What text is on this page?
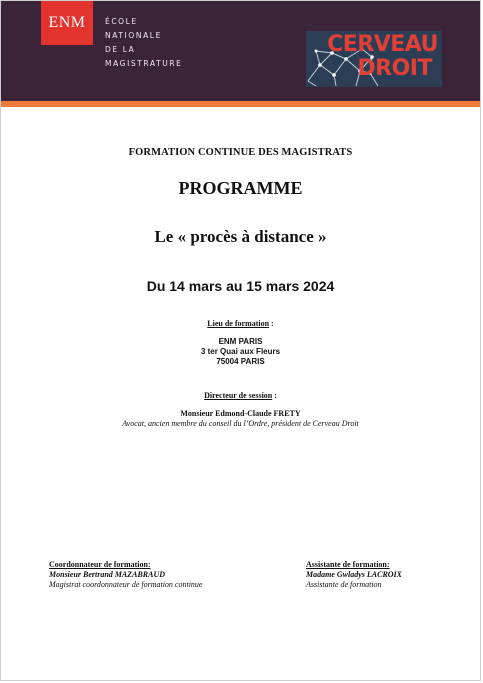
ENM	ÉCOLE
NATIONALE
DE LA
MAGISTRATURE
CERVEAU
DROIT
FORMATION CONTINUE DES MAGISTRATS
PROGRAMME
Le « procès à distance »
Du 14 mars au 15 mars 2024
Lieu de formation :
ENM PARIS
3 ter Quai aux Fleurs
75004 PARIS
Directeur de session :
Monsieur Edmond-Claude FRETY
Avocat, ancien membre du conseil du l’Ordre, président de Cerveau Droit
Coordonnateur de formation:
Monsieur Bertrand MAZABRAUD
Magistrat coordonnateur de formation continue
Assistante de formation:
Madame Gwladys LACROIX
Assistante de formation
